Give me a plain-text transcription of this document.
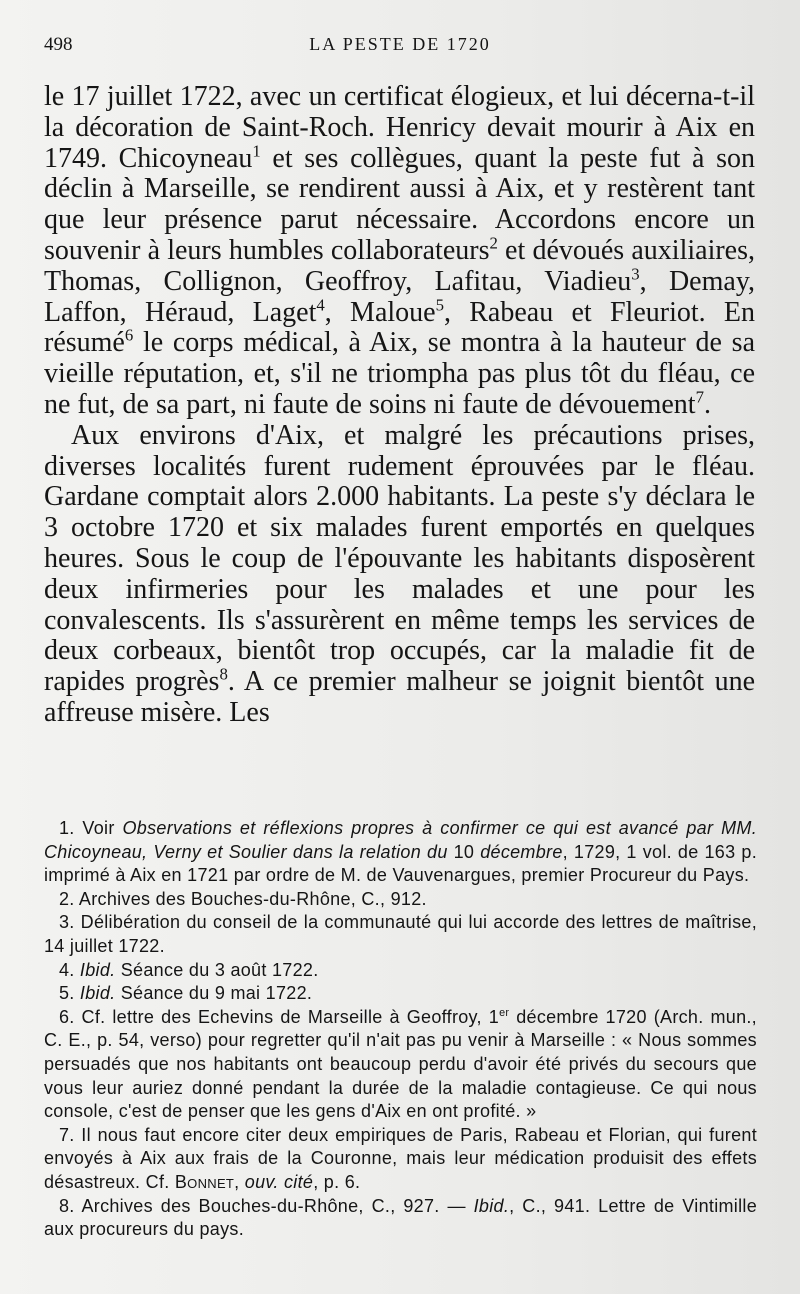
498	LA PESTE DE 1720

le 17 juillet 1722, avec un certificat élogieux, et lui décerna-t-il la décoration de Saint-Roch. Henricy devait mourir à Aix en 1749. Chicoyneau$^1$ et ses collègues, quant la peste fut à son déclin à Marseille, se rendirent aussi à Aix, et y restèrent tant que leur présence parut nécessaire. Accordons encore un souvenir à leurs humbles collaborateurs$^2$ et dévoués auxiliaires, Thomas, Collignon, Geoffroy, Lafitau, Viadieu$^3$, Demay, Laffon, Héraud, Laget$^4$, Maloue$^5$, Rabeau et Fleuriot. En résumé$^6$ le corps médical, à Aix, se montra à la hauteur de sa vieille réputation, et, s'il ne triompha pas plus tôt du fléau, ce ne fut, de sa part, ni faute de soins ni faute de dévouement$^7$.

Aux environs d'Aix, et malgré les précautions prises, diverses localités furent rudement éprouvées par le fléau. Gardane comptait alors 2.000 habitants. La peste s'y déclara le 3 octobre 1720 et six malades furent emportés en quelques heures. Sous le coup de l'épouvante les habitants disposèrent deux infirmeries pour les malades et une pour les convalescents. Ils s'assurèrent en même temps les services de deux corbeaux, bientôt trop occupés, car la maladie fit de rapides progrès$^8$. A ce premier malheur se joignit bientôt une affreuse misère. Les

1. Voir Observations et réflexions propres à confirmer ce qui est avancé par MM. Chicoyneau, Verny et Soulier dans la relation du 10 décembre, 1729, 1 vol. de 163 p. imprimé à Aix en 1721 par ordre de M. de Vauvenargues, premier Procureur du Pays.

2. Archives des Bouches-du-Rhône, C., 912.

3. Délibération du conseil de la communauté qui lui accorde des lettres de maîtrise, 14 juillet 1722.

4. Ibid. Séance du 3 août 1722.

5. Ibid. Séance du 9 mai 1722.

6. Cf. lettre des Echevins de Marseille à Geoffroy, 1er décembre 1720 (Arch. mun., C. E., p. 54, verso) pour regretter qu'il n'ait pas pu venir à Marseille : « Nous sommes persuadés que nos habitants ont beaucoup perdu d'avoir été privés du secours que vous leur auriez donné pendant la durée de la maladie contagieuse. Ce qui nous console, c'est de penser que les gens d'Aix en ont profité. »

7. Il nous faut encore citer deux empiriques de Paris, Rabeau et Florian, qui furent envoyés à Aix aux frais de la Couronne, mais leur médication produisit des effets désastreux. Cf. Bonnet, ouv. cité, p. 6.

8. Archives des Bouches-du-Rhône, C., 927. — Ibid., C., 941. Lettre de Vintimille aux procureurs du pays.
